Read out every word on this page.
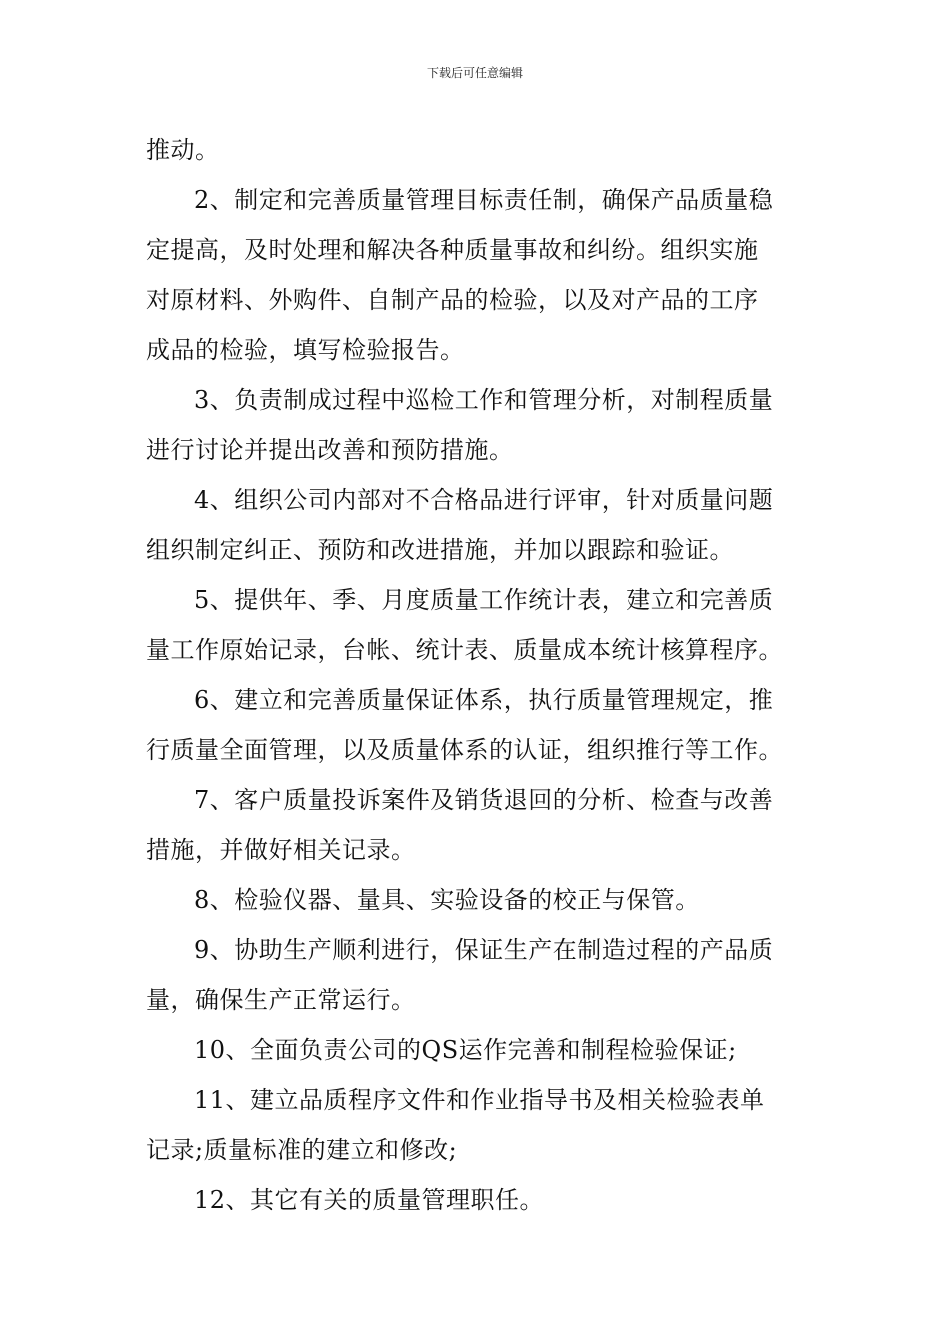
下载后可任意编辑

推动。

2、制定和完善质量管理目标责任制，确保产品质量稳

定提高，及时处理和解决各种质量事故和纠纷。组织实施

对原材料、外购件、自制产品的检验，以及对产品的工序

成品的检验，填写检验报告。

3、负责制成过程中巡检工作和管理分析，对制程质量

进行讨论并提出改善和预防措施。

4、组织公司内部对不合格品进行评审，针对质量问题

组织制定纠正、预防和改进措施，并加以跟踪和验证。

5、提供年、季、月度质量工作统计表，建立和完善质

量工作原始记录，台帐、统计表、质量成本统计核算程序。

6、建立和完善质量保证体系，执行质量管理规定，推

行质量全面管理，以及质量体系的认证，组织推行等工作。

7、客户质量投诉案件及销货退回的分析、检查与改善

措施，并做好相关记录。

8、检验仪器、量具、实验设备的校正与保管。

9、协助生产顺利进行，保证生产在制造过程的产品质

量，确保生产正常运行。

10、全面负责公司的QS运作完善和制程检验保证;

11、建立品质程序文件和作业指导书及相关检验表单

记录;质量标准的建立和修改;

12、其它有关的质量管理职任。
